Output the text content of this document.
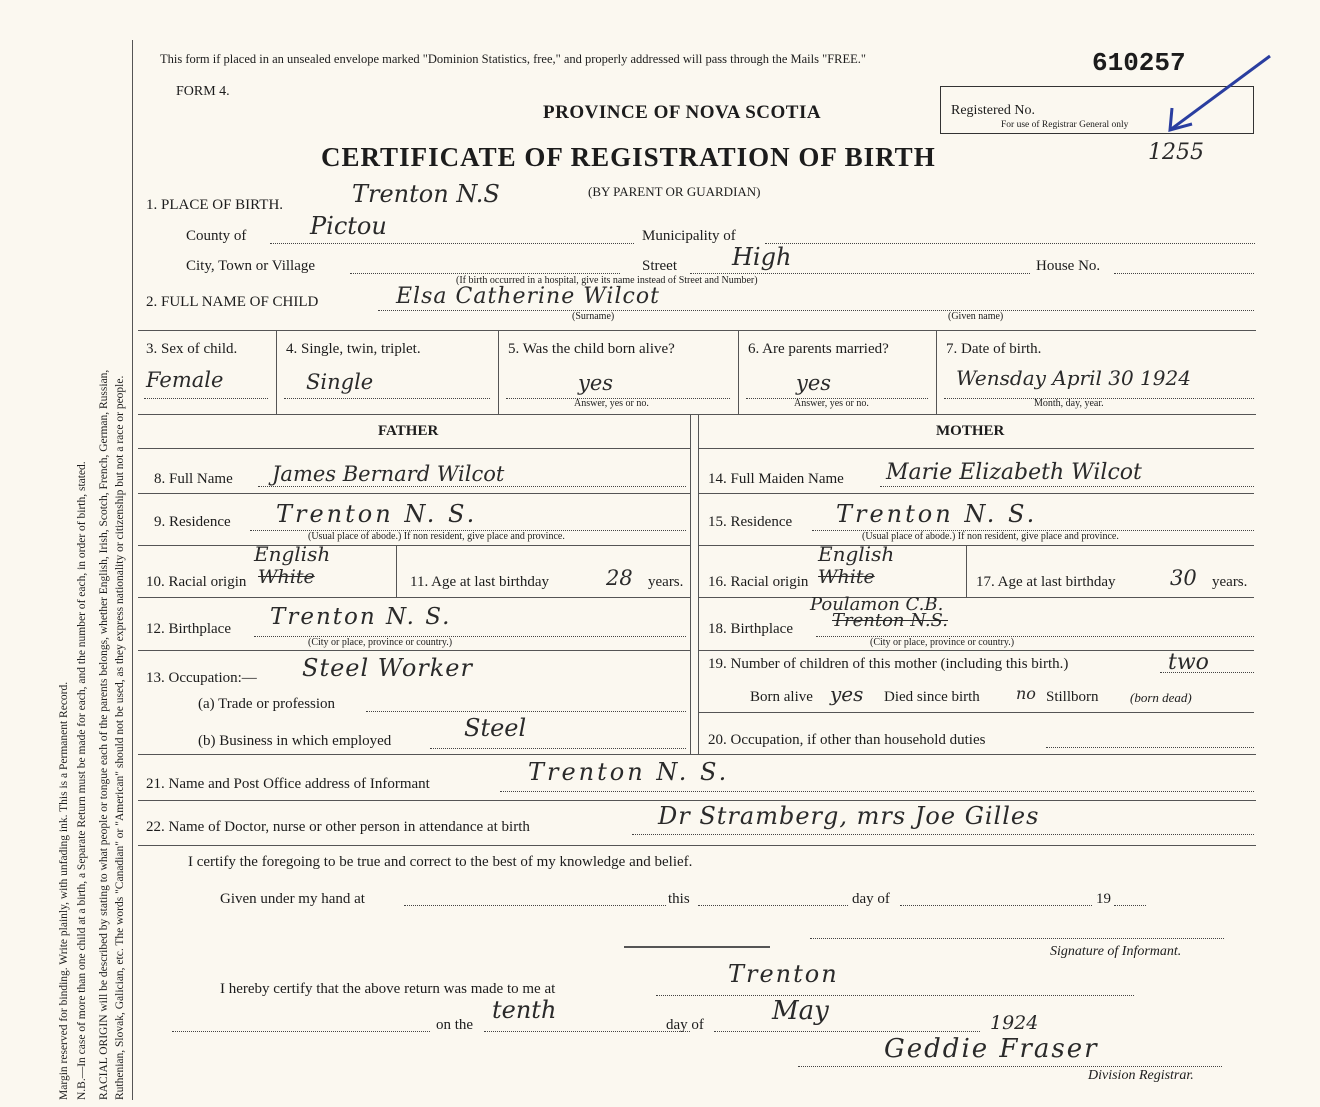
Margin reserved for binding. Write plainly, with unfading ink. This is a Permanent Record. N.B.—In case of more than one child at a birth, a Separate Return must be made for each, and the number of each, in order of birth, stated. RACIAL ORIGIN will be described by stating to what people or tongue each of the parents belongs, whether English, Irish, Scotch, French, German, Russian, Ruthenian, Slovak, Galician, etc. The words "Canadian" or "American" should not be used, as they express nationality or citizenship but not a race or people.
This form if placed in an unsealed envelope marked "Dominion Statistics, free," and properly addressed will pass through the Mails "FREE."	610257
FORM 4.
PROVINCE OF NOVA SCOTIA
CERTIFICATE OF REGISTRATION OF BIRTH
Registered No.
For use of Registrar General only
1255
1. PLACE OF BIRTH.	Trenton N.S	(BY PARENT OR GUARDIAN)
County of	Pictou	Municipality of
City, Town or Village	Street High	House No.
(If birth occurred in a hospital, give its name instead of Street and Number)
2. FULL NAME OF CHILD	Elsa Catherine Wilcot
(Surname)	(Given name)
3. Sex of child.
Female
4. Single, twin, triplet.
Single
5. Was the child born alive?
yes
Answer, yes or no.
6. Are parents married?
yes
Answer, yes or no.
7. Date of birth.
Wensday April 30 1924
Month, day, year.
FATHER	MOTHER
8. Full Name James Bernard Wilcot
9. Residence Trenton N. S.
(Usual place of abode.) If non resident, give place and province.
10. Racial origin White
English
11. Age at last birthday	28 years.
12. Birthplace Trenton N. S.
(City or place, province or country.)
13. Occupation:— Steel Worker
(a) Trade or profession
(b) Business in which employed	Steel
14. Full Maiden Name Marie Elizabeth Wilcot
15. Residence Trenton N. S.
(Usual place of abode.) If non resident, give place and province.
16. Racial origin White
English
17. Age at last birthday	30 years.
18. Birthplace Trenton N.S.
Poulamon C.B.
(City or place, province or country.)
19. Number of children of this mother (including this birth.)	two
Born alive yes Died since birth no Stillborn (born dead)
20. Occupation, if other than household duties
21. Name and Post Office address of Informant	Trenton N. S.
22. Name of Doctor, nurse or other person in attendance at birth	Dr Stramberg, mrs Joe Gilles
I certify the foregoing to be true and correct to the best of my knowledge and belief.
Given under my hand at	this	day of	19
Signature of Informant.
I hereby certify that the above return was made to me at
Trenton
on the
tenth
day of	May	1924
Geddie Fraser
Division Registrar.
